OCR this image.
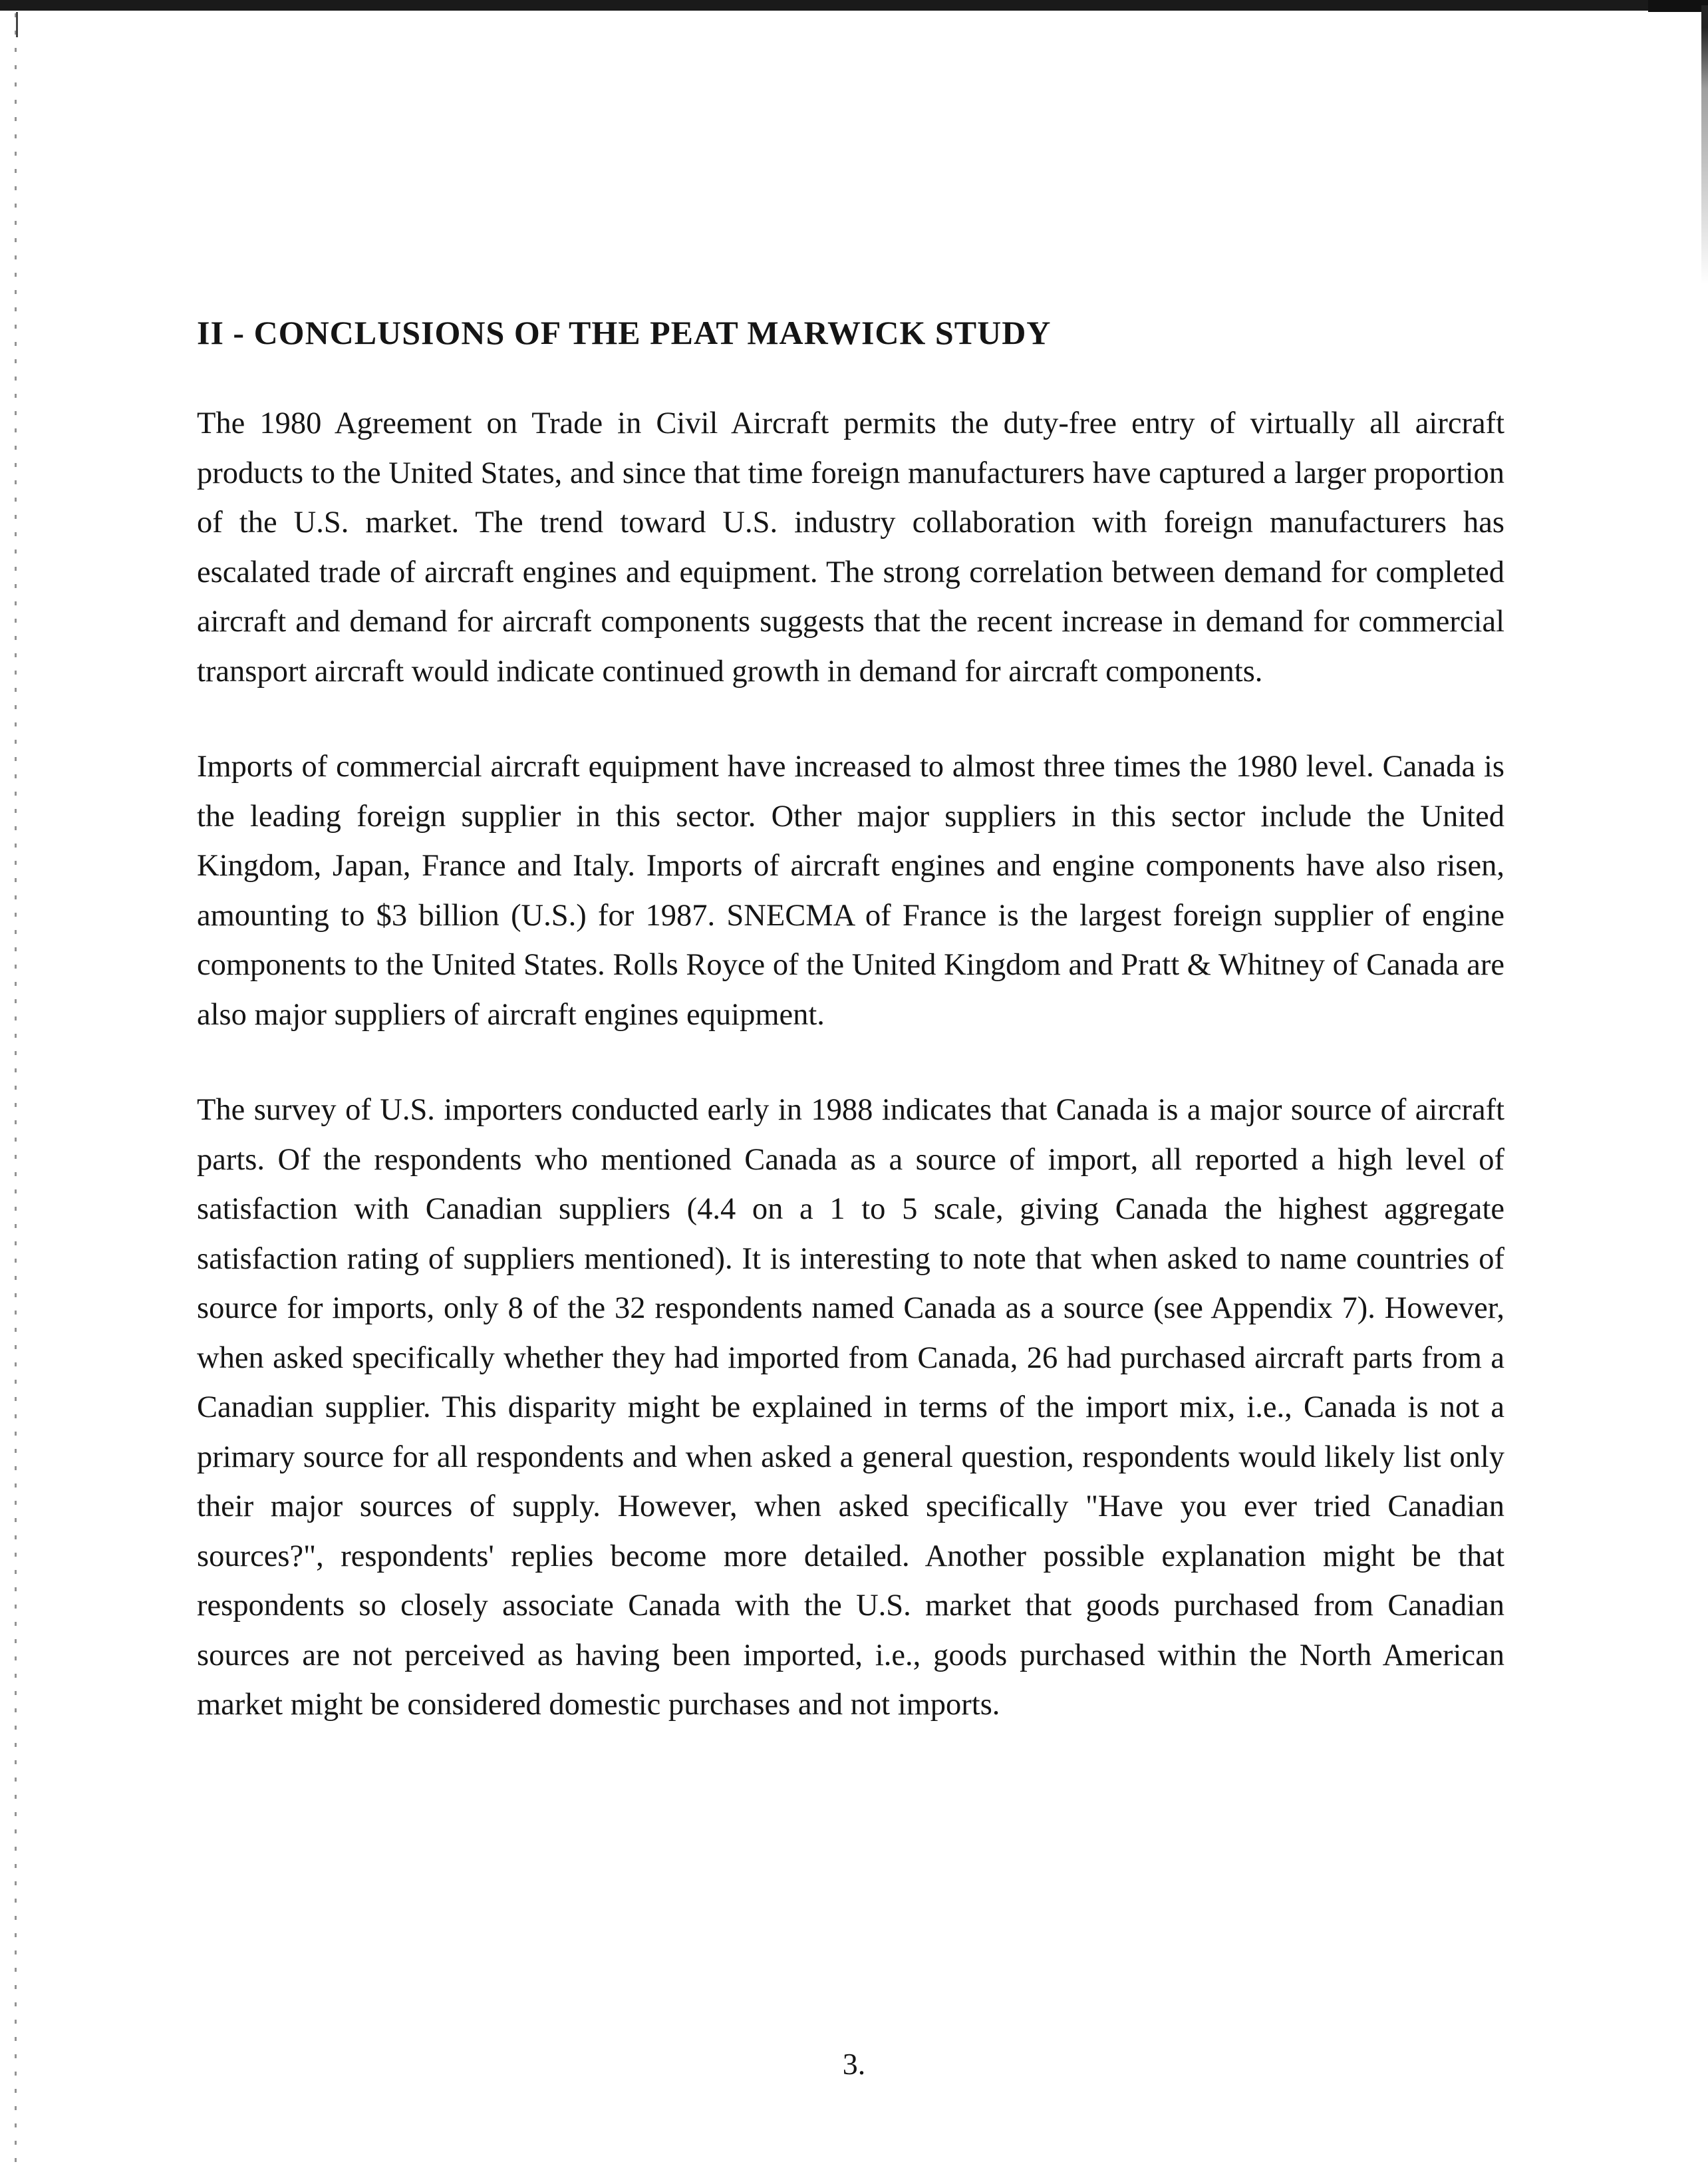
II - CONCLUSIONS OF THE PEAT MARWICK STUDY

The 1980 Agreement on Trade in Civil Aircraft permits the duty-free entry of virtually all aircraft products to the United States, and since that time foreign manufacturers have captured a larger proportion of the U.S. market. The trend toward U.S. industry collaboration with foreign manufacturers has escalated trade of aircraft engines and equipment. The strong correlation between demand for completed aircraft and demand for aircraft components suggests that the recent increase in demand for commercial transport aircraft would indicate continued growth in demand for aircraft components.

Imports of commercial aircraft equipment have increased to almost three times the 1980 level. Canada is the leading foreign supplier in this sector. Other major suppliers in this sector include the United Kingdom, Japan, France and Italy. Imports of aircraft engines and engine components have also risen, amounting to $3 billion (U.S.) for 1987. SNECMA of France is the largest foreign supplier of engine components to the United States. Rolls Royce of the United Kingdom and Pratt & Whitney of Canada are also major suppliers of aircraft engines equipment.

The survey of U.S. importers conducted early in 1988 indicates that Canada is a major source of aircraft parts. Of the respondents who mentioned Canada as a source of import, all reported a high level of satisfaction with Canadian suppliers (4.4 on a 1 to 5 scale, giving Canada the highest aggregate satisfaction rating of suppliers mentioned). It is interesting to note that when asked to name countries of source for imports, only 8 of the 32 respondents named Canada as a source (see Appendix 7). However, when asked specifically whether they had imported from Canada, 26 had purchased aircraft parts from a Canadian supplier. This disparity might be explained in terms of the import mix, i.e., Canada is not a primary source for all respondents and when asked a general question, respondents would likely list only their major sources of supply. However, when asked specifically "Have you ever tried Canadian sources?", respondents' replies become more detailed. Another possible explanation might be that respondents so closely associate Canada with the U.S. market that goods purchased from Canadian sources are not perceived as having been imported, i.e., goods purchased within the North American market might be considered domestic purchases and not imports.

3.
